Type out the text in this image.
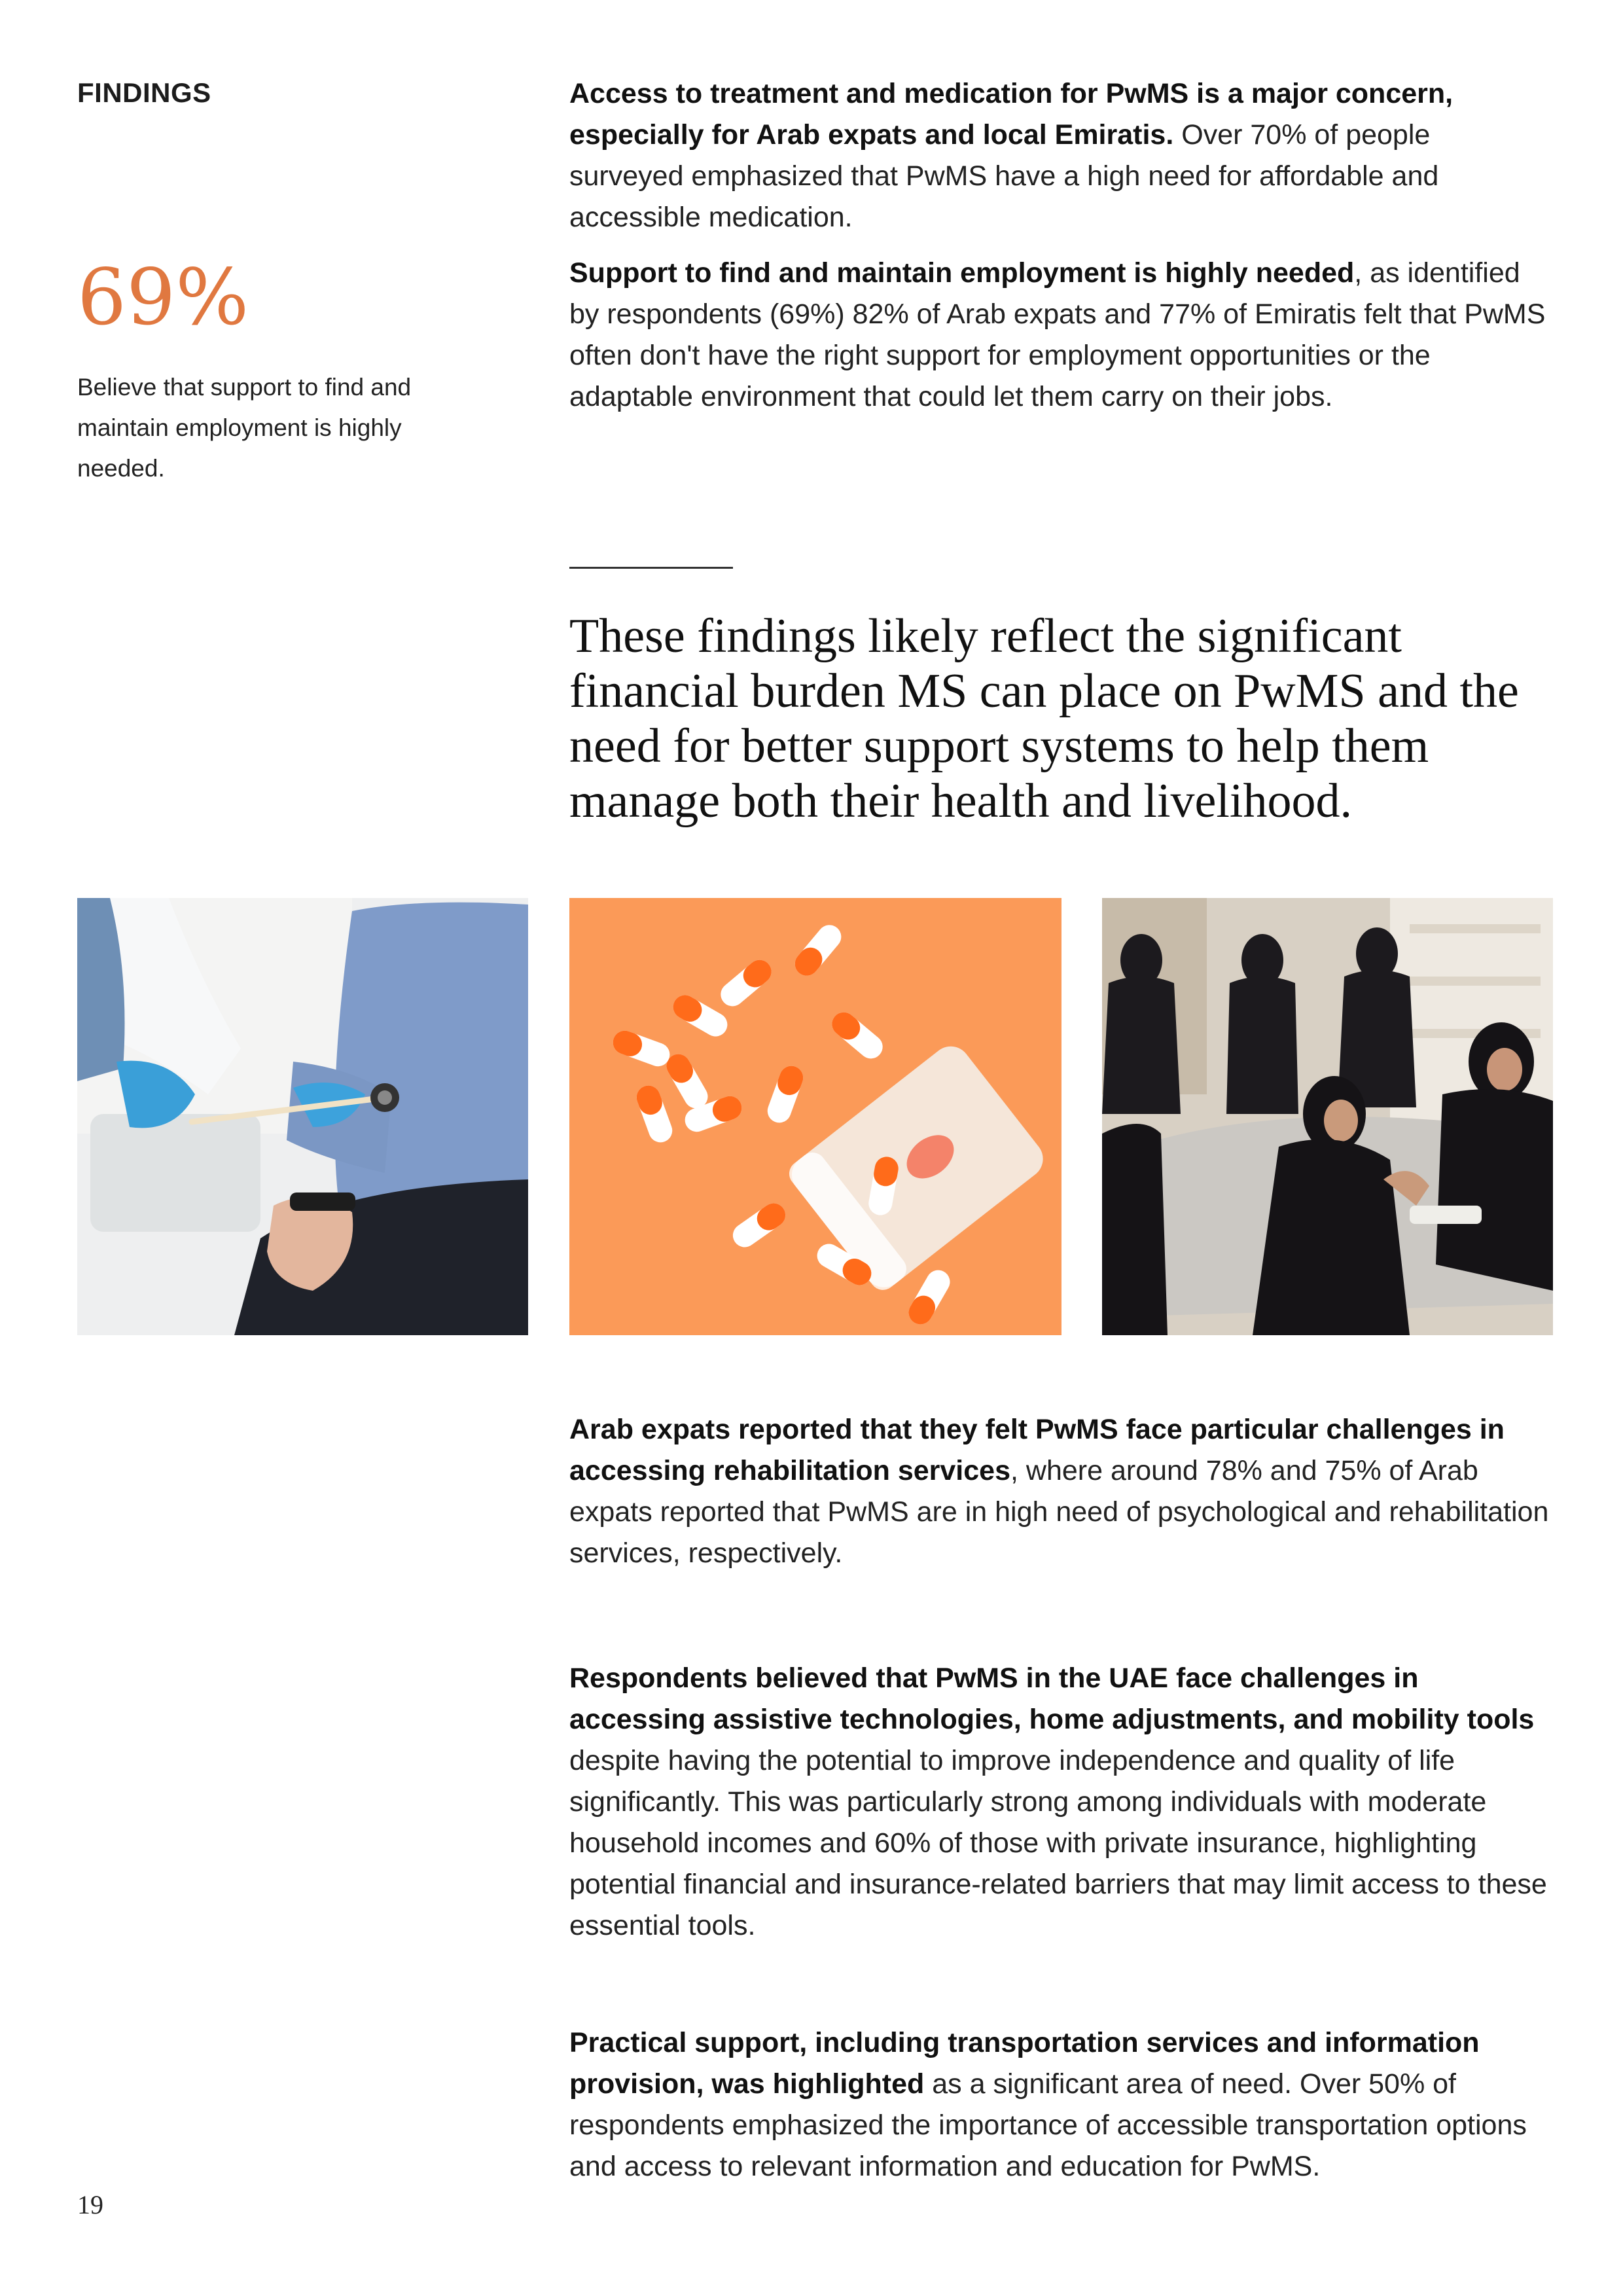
FINDINGS
69%
Believe that support to find and maintain employment is highly needed.

Access to treatment and medication for PwMS is a major concern, especially for Arab expats and local Emiratis. Over 70% of people surveyed emphasized that PwMS have a high need for affordable and accessible medication.

Support to find and maintain employment is highly needed, as identified by respondents (69%) 82% of Arab expats and 77% of Emiratis felt that PwMS often don't have the right support for employment opportunities or the adaptable environment that could let them carry on their jobs.

These findings likely reflect the significant financial burden MS can place on PwMS and the need for better support systems to help them manage both their health and livelihood.

Arab expats reported that they felt PwMS face particular challenges in accessing rehabilitation services, where around 78% and 75% of Arab expats reported that PwMS are in high need of psychological and rehabilitation services, respectively.

Respondents believed that PwMS in the UAE face challenges in accessing assistive technologies, home adjustments, and mobility tools despite having the potential to improve independence and quality of life significantly. This was particularly strong among individuals with moderate household incomes and 60% of those with private insurance, highlighting potential financial and insurance-related barriers that may limit access to these essential tools.

Practical support, including transportation services and information provision, was highlighted as a significant area of need. Over 50% of respondents emphasized the importance of accessible transportation options and access to relevant information and education for PwMS.

19
